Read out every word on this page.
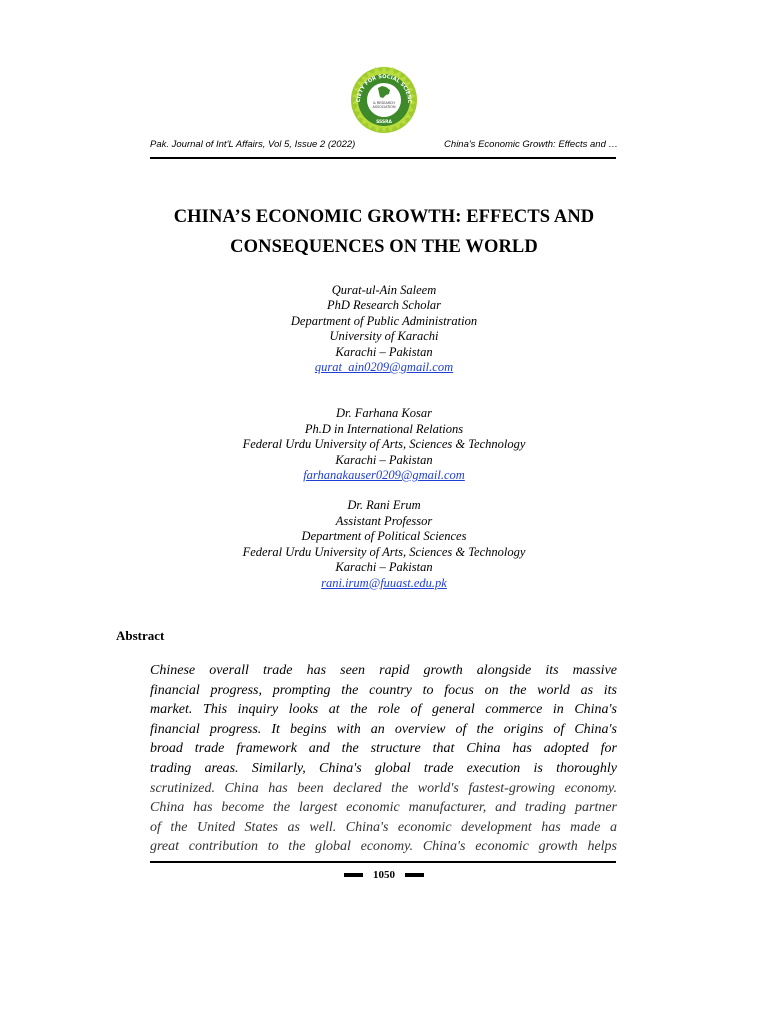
CIETY FOR SOCIAL SCIENC
& RESEARCH
ASSOCIATION
SSSRA
Pak. Journal of Int'L Affairs, Vol 5, Issue 2 (2022)	China's Economic Growth: Effects and …
CHINA’S ECONOMIC GROWTH: EFFECTS AND
CONSEQUENCES ON THE WORLD
Qurat-ul-Ain Saleem
PhD Research Scholar
Department of Public Administration
University of Karachi
Karachi – Pakistan
qurat_ain0209@gmail.com
Dr. Farhana Kosar
Ph.D in International Relations
Federal Urdu University of Arts, Sciences & Technology
Karachi – Pakistan
farhanakauser0209@gmail.com
Dr. Rani Erum
Assistant Professor
Department of Political Sciences
Federal Urdu University of Arts, Sciences & Technology
Karachi – Pakistan
rani.irum@fuuast.edu.pk
Abstract
Chinese overall trade has seen rapid growth alongside its massive
financial progress, prompting the country to focus on the world as its
market. This inquiry looks at the role of general commerce in China's
financial progress. It begins with an overview of the origins of China's
broad trade framework and the structure that China has adopted for
trading areas. Similarly, China's global trade execution is thoroughly
scrutinized. China has been declared the world's fastest-growing economy.
China has become the largest economic manufacturer, and trading partner
of the United States as well. China's economic development has made a
great contribution to the global economy. China's economic growth helps
1050
